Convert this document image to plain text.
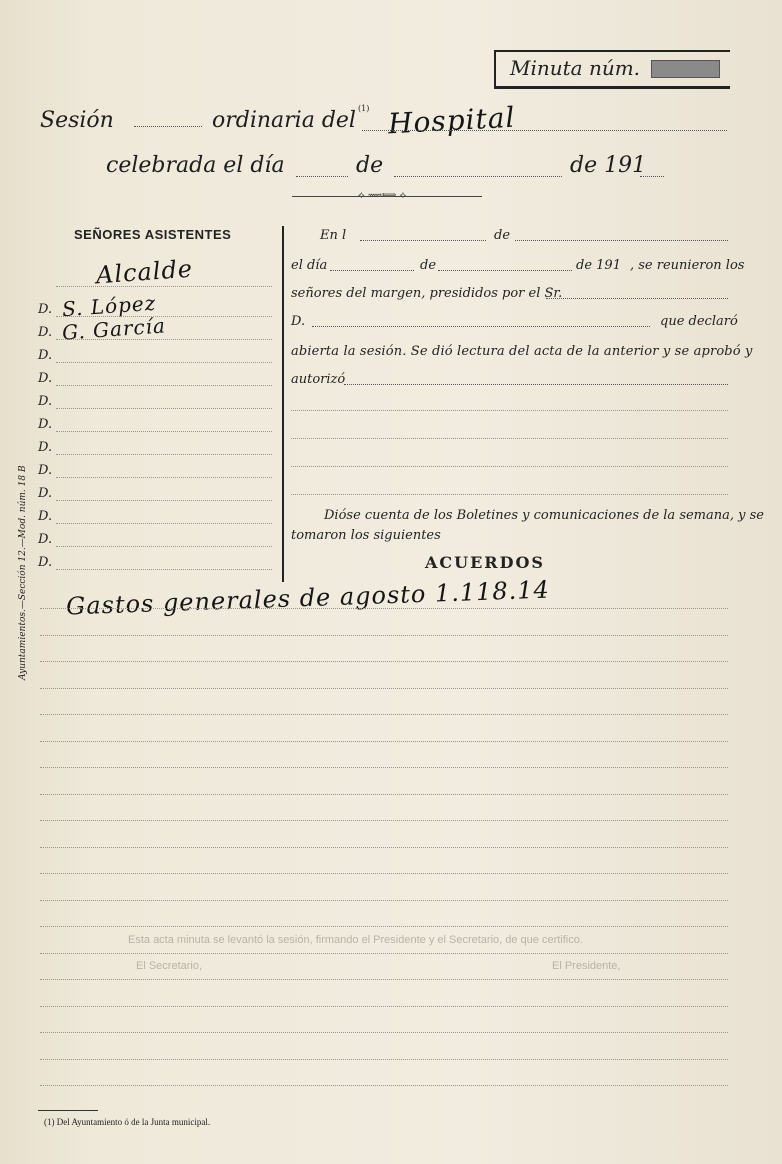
Minuta núm.
Sesión	ordinaria del (1) Hospital
celebrada el día	de	de 191
⟡ ⟿⟾ ⟡
SEÑORES ASISTENTES
Alcalde
D. S. López
D. G. García
D.
D.
D.
D.
D.
D.
D.
D.
D.
D.
En l	de
el día	de	de 191 , se reunieron los
señores del margen, presididos por el Sr.
D.	que declaró
abierta la sesión. Se dió lectura del acta de la anterior y se aprobó y
autorizó
Dióse cuenta de los Boletines y comunicaciones de la semana, y se
tomaron los siguientes
ACUERDOS
Gastos generales de agosto 1.118.14
Esta acta minuta se levantó la sesión, firmando el Presidente y el Secretario, de que certifico.
El Secretario,	El Presidente,
Ayuntamientos.—Sección 12.—Mod. núm. 18 B
(1) Del Ayuntamiento ó de la Junta municipal.
